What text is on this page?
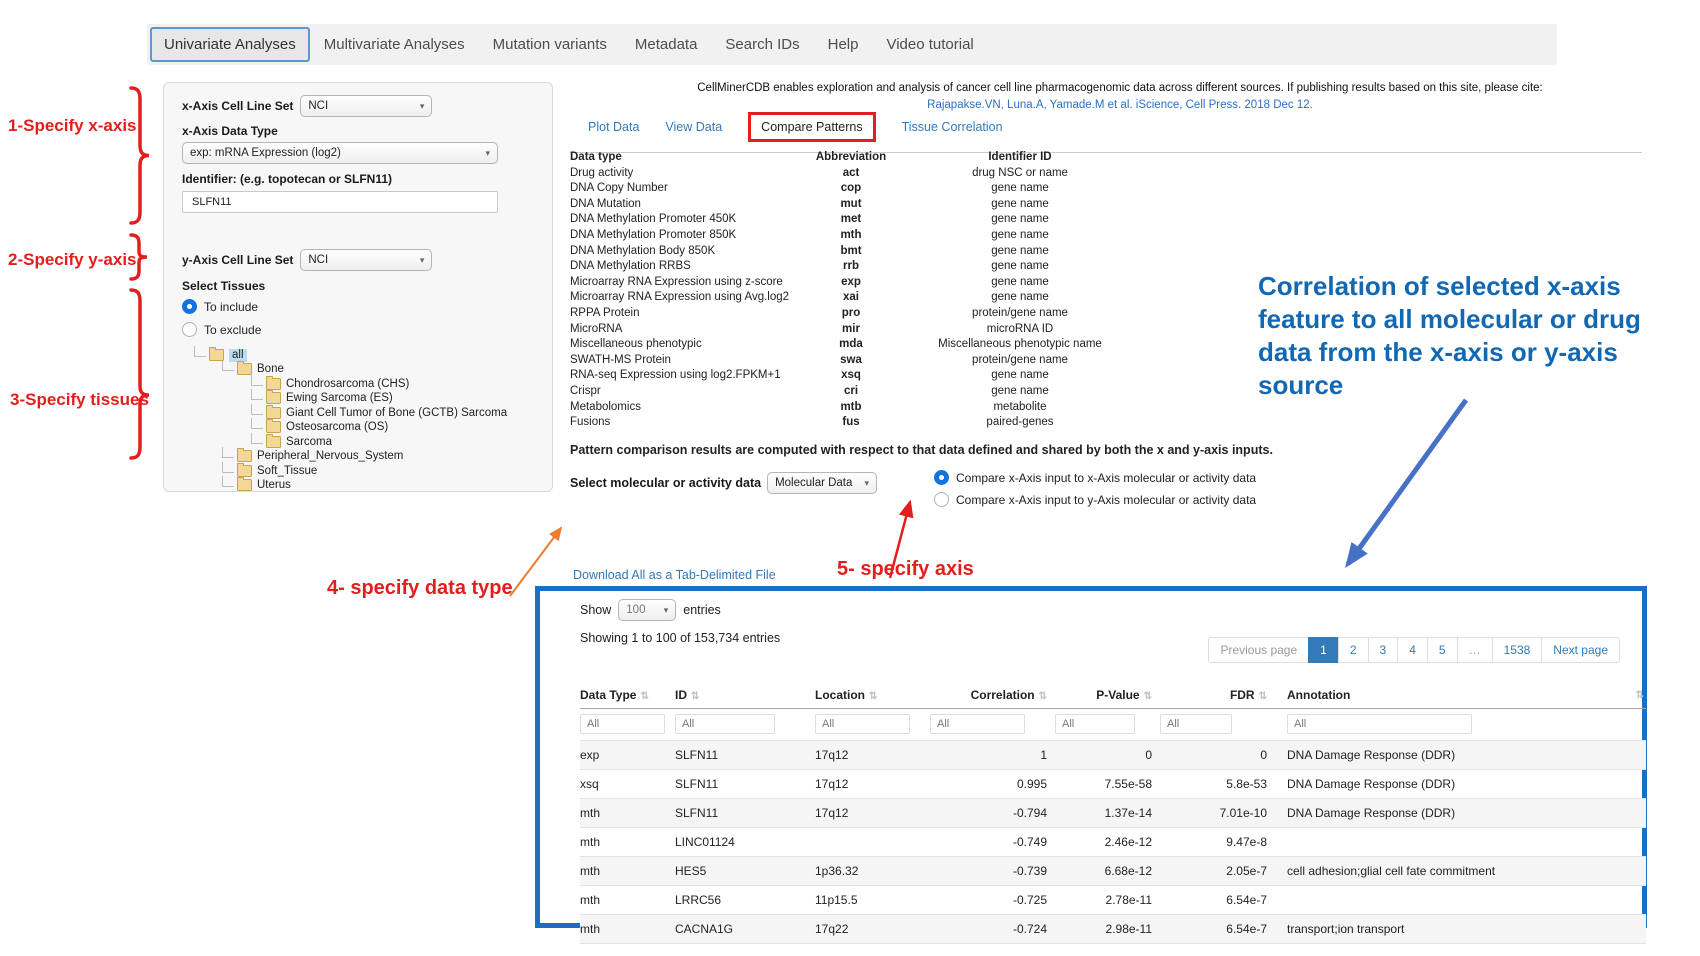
Univariate Analyses	Multivariate Analyses	Mutation variants	Metadata	Search IDs	Help	Video tutorial
1-Specify x-axis
2-Specify y-axis
3-Specify tissues
x-Axis Cell Line Set NCI	▾
x-Axis Data Type
exp: mRNA Expression (log2)	▾
Identifier: (e.g. topotecan or SLFN11)
SLFN11
y-Axis Cell Line Set NCI	▾
Select Tissues
To include
To exclude
all
Bone
Chondrosarcoma (CHS)
Ewing Sarcoma (ES)
Giant Cell Tumor of Bone (GCTB) Sarcoma
Osteosarcoma (OS)
Sarcoma
Peripheral_Nervous_System
Soft_Tissue
Uterus
CellMinerCDB enables exploration and analysis of cancer cell line pharmacogenomic data across different sources. If publishing results based on this site, please cite:
Rajapakse.VN, Luna.A, Yamade.M et al. iScience, Cell Press. 2018 Dec 12.
Plot Data View Data	Compare Patterns	Tissue Correlation
Data type	Abbreviation	Identifier ID
Drug activity	act	drug NSC or name
DNA Copy Number	cop	gene name
DNA Mutation	mut	gene name
DNA Methylation Promoter 450K	met	gene name
DNA Methylation Promoter 850K	mth	gene name
DNA Methylation Body 850K	bmt	gene name
DNA Methylation RRBS	rrb	gene name
Microarray RNA Expression using z-score	exp	gene name
Microarray RNA Expression using Avg.log2	xai	gene name
RPPA Protein	pro	protein/gene name
MicroRNA	mir	microRNA ID
Miscellaneous phenotypic	mda	Miscellaneous phenotypic name
SWATH-MS Protein	swa	protein/gene name
RNA-seq Expression using log2.FPKM+1	xsq	gene name
Crispr	cri	gene name
Metabolomics	mtb	metabolite
Fusions	fus	paired-genes
Pattern comparison results are computed with respect to that data defined and shared by both the x and y-axis inputs.
Select molecular or activity data Molecular Data ▾	Compare x-Axis input to x-Axis molecular or activity data
Compare x-Axis input to y-Axis molecular or activity data
Download All as a Tab-Delimited File
Show 100 ▾ entries
Showing 1 to 100 of 153,734 entries
Previous page	1	2	3	4	5	…	1538	Next page
Data Type ⇅	ID ⇅	Location ⇅	Correlation ⇅	P-Value ⇅	FDR ⇅	Annotation ⇅

All	All	All	All	All	All	All
exp	SLFN11	17q12	1	0	0	DNA Damage Response (DDR)
xsq	SLFN11	17q12	0.995	7.55e-58	5.8e-53	DNA Damage Response (DDR)
mth	SLFN11	17q12	-0.794	1.37e-14	7.01e-10	DNA Damage Response (DDR)
mth	LINC01124		-0.749	2.46e-12	9.47e-8	
mth	HES5	1p36.32	-0.739	6.68e-12	2.05e-7	cell adhesion;glial cell fate commitment
mth	LRRC56	11p15.5	-0.725	2.78e-11	6.54e-7	
mth	CACNA1G	17q22	-0.724	2.98e-11	6.54e-7	transport;ion transport
4- specify data type
5- specify axis
Correlation of selected x-axis
feature to all molecular or drug
data from the x-axis or y-axis
source
